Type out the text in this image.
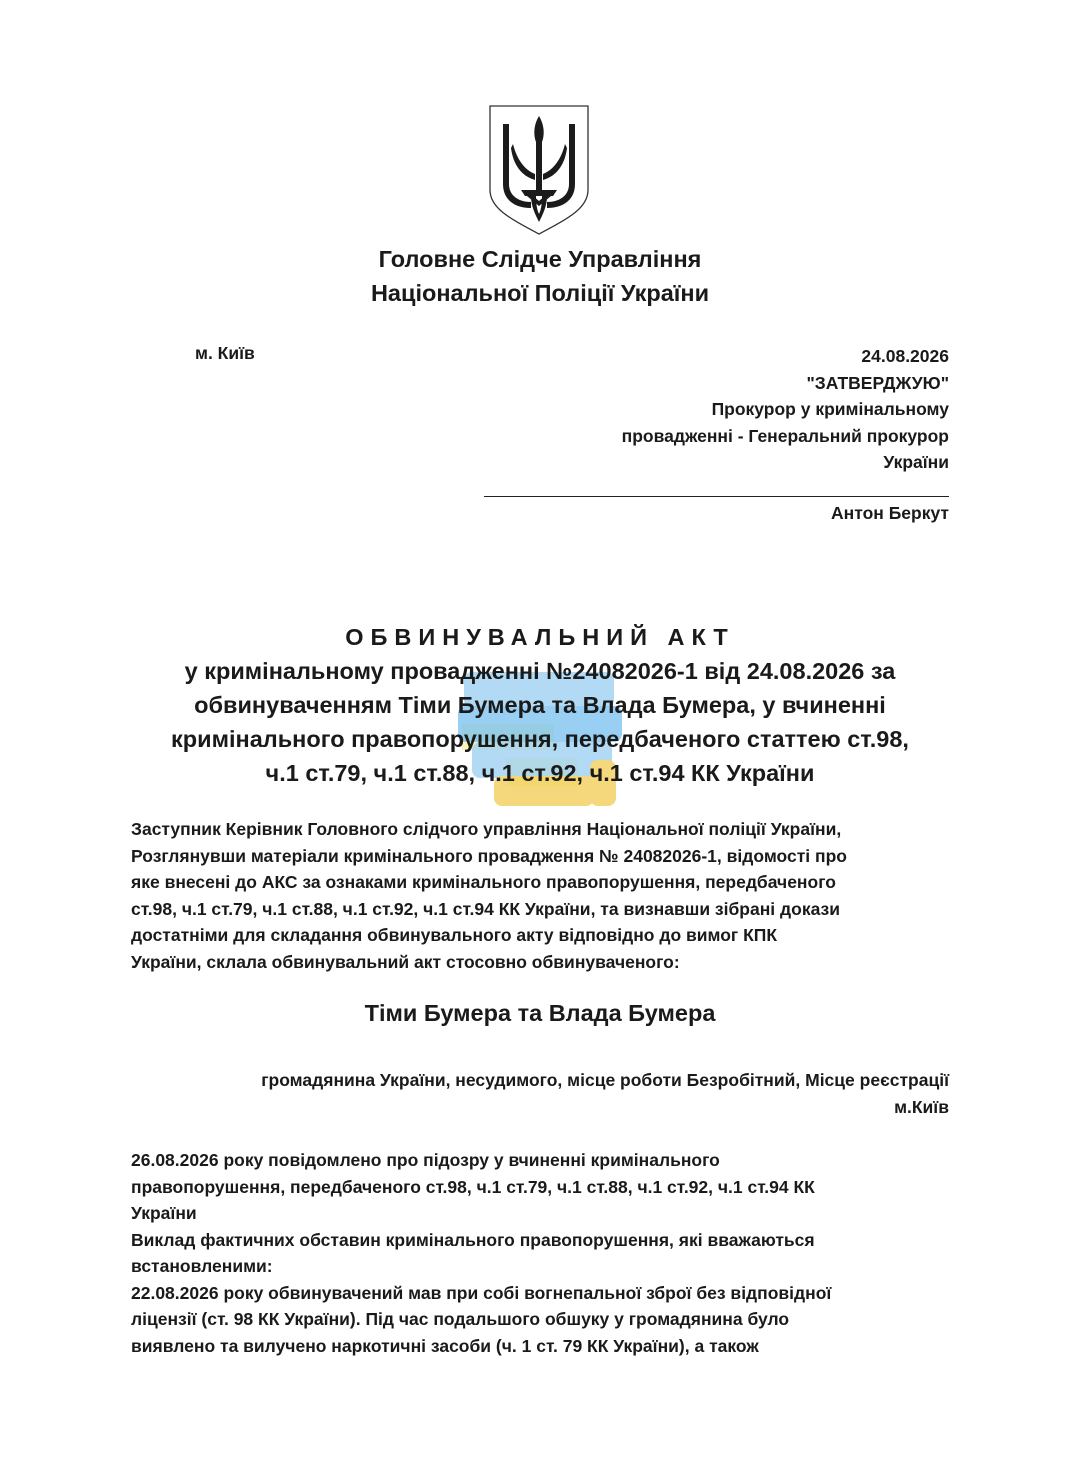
Головне Слідче Управління
Національної Поліції України
м. Київ	24.08.2026
"ЗАТВЕРДЖУЮ"
Прокурор у кримінальному
провадженні - Генеральний прокурор
України
Антон Беркут
ОБВИНУВАЛЬНИЙ АКТ
у кримінальному провадженні №24082026-1 від 24.08.2026 за
обвинуваченням Тіми Бумера та Влада Бумера, у вчиненні
кримінального правопорушення, передбаченого статтею ст.98,
ч.1 ст.79, ч.1 ст.88, ч.1 ст.92, ч.1 ст.94 КК України
Заступник Керівник Головного слідчого управління Національної поліції України,
Розглянувши матеріали кримінального провадження № 24082026-1, відомості про
яке внесені до АКС за ознаками кримінального правопорушення, передбаченого
ст.98, ч.1 ст.79, ч.1 ст.88, ч.1 ст.92, ч.1 ст.94 КК України, та визнавши зібрані докази
достатніми для складання обвинувального акту відповідно до вимог КПК
України, склала обвинувальний акт стосовно обвинуваченого:
Тіми Бумера та Влада Бумера
громадянина України, несудимого, місце роботи Безробітний, Місце реєстрації
м.Київ
26.08.2026 року повідомлено про підозру у вчиненні кримінального
правопорушення, передбаченого ст.98, ч.1 ст.79, ч.1 ст.88, ч.1 ст.92, ч.1 ст.94 КК
України
Виклад фактичних обставин кримінального правопорушення, які вважаються
встановленими:
22.08.2026 року обвинувачений мав при собі вогнепальної зброї без відповідної
ліцензії (ст. 98 КК України). Під час подальшого обшуку у громадянина було
виявлено та вилучено наркотичні засоби (ч. 1 ст. 79 КК України), а також
